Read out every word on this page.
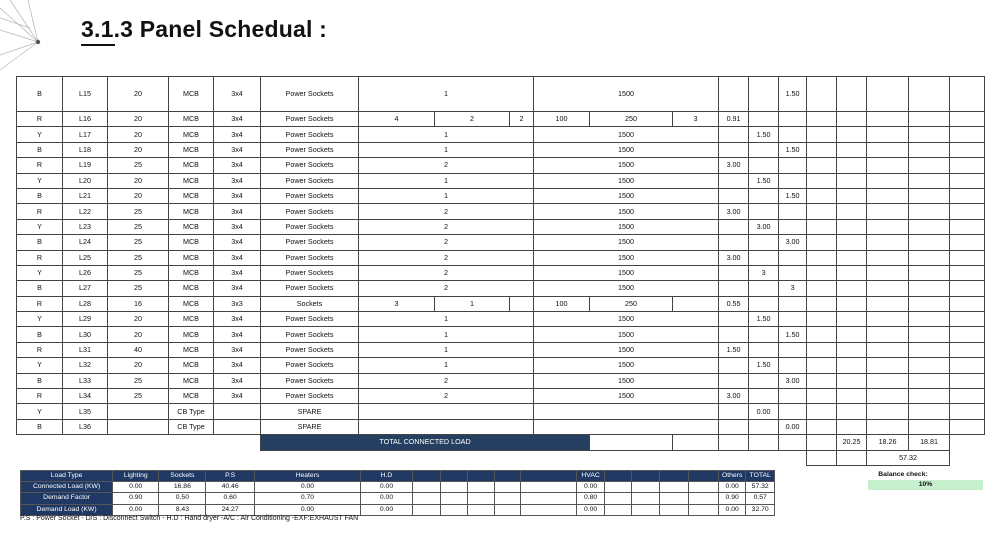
3.1.3 Panel Schedual :
B	L15	20	MCB	3x4	Power Sockets	1			1500					1.50					
R	L16	20	MCB	3x4	Power Sockets	4	2	2	100	250	3	0.91							
Y	L17	20	MCB	3x4	Power Sockets	1			1500				1.50						
B	L18	20	MCB	3x4	Power Sockets	1			1500					1.50					
R	L19	25	MCB	3x4	Power Sockets	2			1500			3.00							
Y	L20	20	MCB	3x4	Power Sockets	1			1500				1.50						
B	L21	20	MCB	3x4	Power Sockets	1			1500					1.50					
R	L22	25	MCB	3x4	Power Sockets	2			1500			3.00							
Y	L23	25	MCB	3x4	Power Sockets	2			1500				3.00						
B	L24	25	MCB	3x4	Power Sockets	2			1500					3.00					
R	L25	25	MCB	3x4	Power Sockets	2			1500			3.00							
Y	L26	25	MCB	3x4	Power Sockets	2			1500				3						
B	L27	25	MCB	3x4	Power Sockets	2			1500					3					
R	L28	16	MCB	3x3	Sockets	3	1		100	250		0.55							
Y	L29	20	MCB	3x4	Power Sockets	1			1500				1.50						
B	L30	20	MCB	3x4	Power Sockets	1			1500					1.50					
R	L31	40	MCB	3x4	Power Sockets	1			1500			1.50							
Y	L32	20	MCB	3x4	Power Sockets	1			1500				1.50						
B	L33	25	MCB	3x4	Power Sockets	2			1500					3.00					
R	L34	25	MCB	3x4	Power Sockets	2			1500			3.00							
Y	L35		CB Type		SPARE								0.00						
B	L36		CB Type		SPARE									0.00					
					TOTAL CONNECTED LOAD											20.25	18.26	18.81	
																	57.32		
Load Type	Lighting	Sockets	P.S	Heaters	H.D						HVAC					Others	TOTAL
Connected Load (KW)	0.00	16.86	40.46	0.00	0.00						0.00					0.00	57.32
Demand Factor	0.90	0.50	0.60	0.70	0.00						0.80					0.90	0.57
Demand Load (KW)	0.00	8.43	24.27	0.00	0.00						0.00					0.00	32.70
Balance check:
10%
P.S : Power Socket - D/S : Disconnect Switch - H.D : Hand dryer -A/C : Air Conditioning -EXF:EXHAUST FAN
